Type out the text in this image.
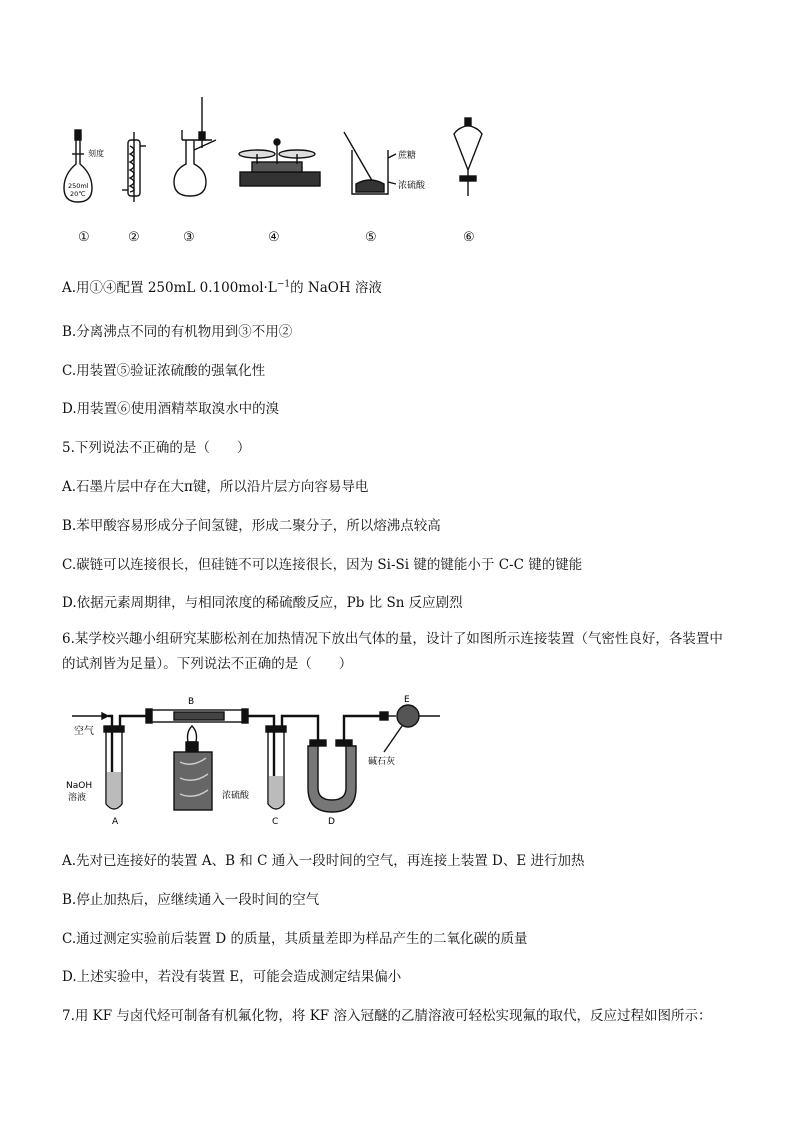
刻度
250ml
20℃
蔗糖
浓硫酸
①	②	③	④	⑤	⑥
A.用①④配置 250mL $0.100mol\cdot L^{-1}$的 NaOH 溶液
B.分离沸点不同的有机物用到③不用②
C.用装置⑤验证浓硫酸的强氧化性
D.用装置⑥使用酒精萃取溴水中的溴
5.下列说法不正确的是（　　）
A.石墨片层中存在大π键，所以沿片层方向容易导电
B.苯甲酸容易形成分子间氢键，形成二聚分子，所以熔沸点较高
C.碳链可以连接很长，但硅链不可以连接很长，因为 Si-Si 键的键能小于 C-C 键的键能
D.依据元素周期律，与相同浓度的稀硫酸反应，Pb 比 Sn 反应剧烈
6.某学校兴趣小组研究某膨松剂在加热情况下放出气体的量，设计了如图所示连接装置（气密性良好，各装置中的试剂皆为足量）。下列说法不正确的是（　　）
空气
NaOH
溶液
A
B
浓硫酸
C	D
E
碱石灰
A.先对已连接好的装置 A、B 和 C 通入一段时间的空气，再连接上装置 D、E 进行加热
B.停止加热后，应继续通入一段时间的空气
C.通过测定实验前后装置 D 的质量，其质量差即为样品产生的二氧化碳的质量
D.上述实验中，若没有装置 E，可能会造成测定结果偏小
7.用 KF 与卤代烃可制备有机氟化物，将 KF 溶入冠醚的乙腈溶液可轻松实现氟的取代，反应过程如图所示：
